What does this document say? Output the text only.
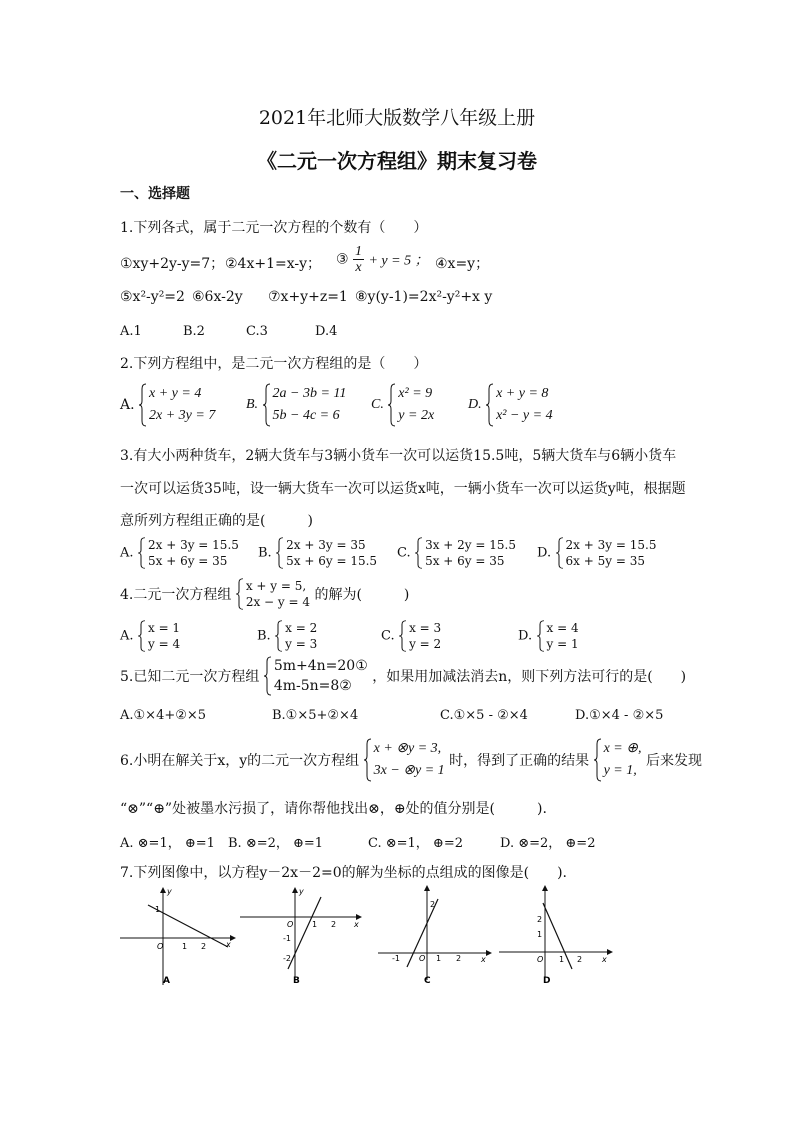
2021年北师大版数学八年级上册
《二元一次方程组》期末复习卷
一、选择题
1.下列各式，属于二元一次方程的个数有（　　）
①xy+2y-y=7； ②4x+1=x-y； ③ $\frac{1}{x} + y = 5$ ； ④x=y；
⑤x²-y²=2 ⑥6x-2y ⑦x+y+z=1 ⑧y(y-1)=2x²-y²+x y
A.1	B.2	C.3	D.4
2.下列方程组中，是二元一次方程组的是（　　）
A.
x + y = 4
2x + 3y = 7
B.
2a − 3b = 11
5b − 4c = 6
C.
x² = 9
y = 2x
D.
x + y = 8
x² − y = 4
3.有大小两种货车，2辆大货车与3辆小货车一次可以运货15.5吨，5辆大货车与6辆小货车
一次可以运货35吨，设一辆大货车一次可以运货x吨，一辆小货车一次可以运货y吨，根据题
意所列方程组正确的是(　　　)
A.
2x + 3y = 15.5
5x + 6y = 35
B.
2x + 3y = 35
5x + 6y = 15.5
C.
3x + 2y = 15.5
5x + 6y = 35
D.
2x + 3y = 15.5
6x + 5y = 35
4.二元一次方程组
x + y = 5,
2x − y = 4 的解为(　　　)
A.
x = 1
y = 4
B.
x = 2
y = 3
C.
x = 3
y = 2
D.
x = 4
y = 1
5.已知二元一次方程组
5m+4n=20①
4m-5n=8②
，如果用加减法消去n，则下列方法可行的是(　　)
A.①×4+②×5	B.①×5+②×4	C.①×5 - ②×4	D.①×4 - ②×5
6.小明在解关于x，y的二元一次方程组
x + ⊗y = 3,
3x − ⊗y = 1
时，得到了正确的结果
x = ⊕,
y = 1,
后来发现
“⊗”“⊕”处被墨水污损了，请你帮他找出⊗，⊕处的值分别是(　　　).
A. ⊗=1， ⊕=1 B. ⊗=2， ⊕=1	C. ⊗=1， ⊕=2	D. ⊗=2， ⊕=2
7.下列图像中，以方程y－2x－2=0的解为坐标的点组成的图像是(　　).
y
x
1
O 1 2
A
y
x
O 1 2
-1
-2
B
2
-1 O 1 2 x
C
2
1
O 1 2 x
D
